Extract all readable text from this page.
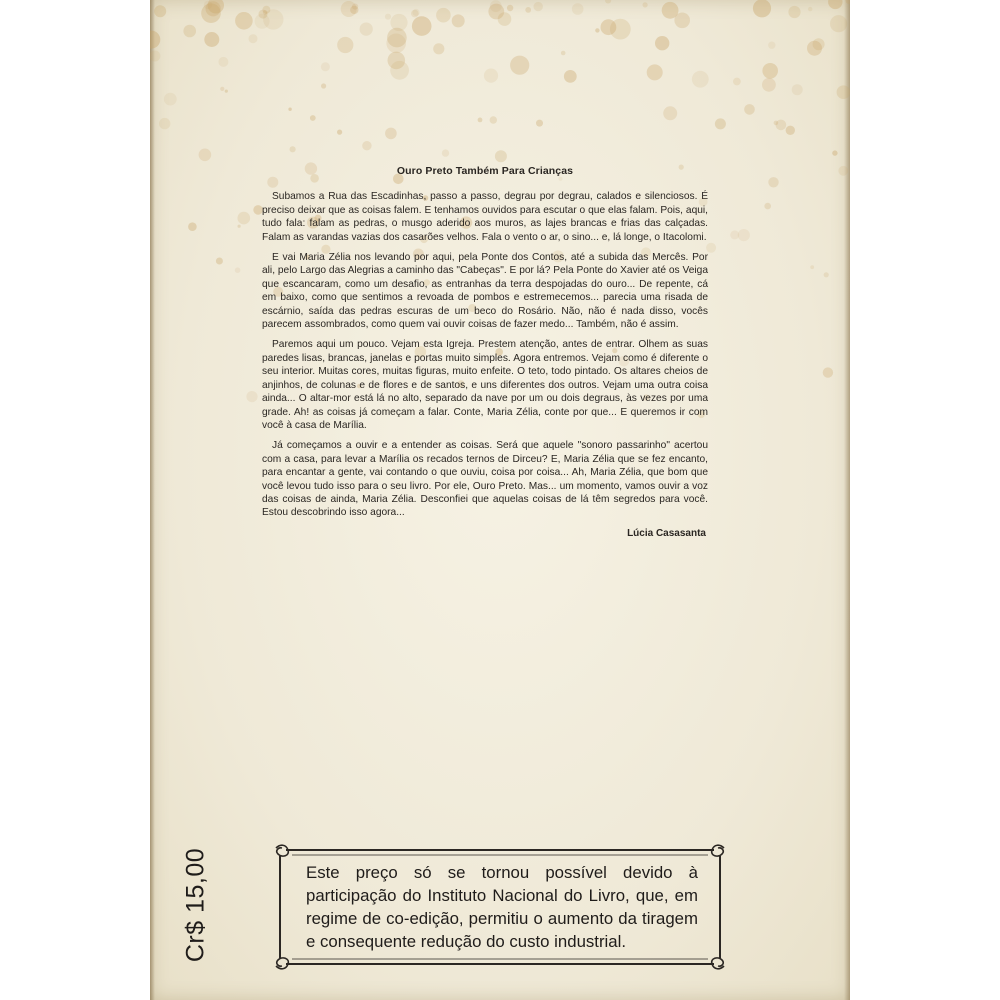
Ouro Preto Também Para Crianças

Subamos a Rua das Escadinhas, passo a passo, degrau por degrau, calados e silenciosos. É preciso deixar que as coisas falem. E tenhamos ouvidos para escutar o que elas falam. Pois, aqui, tudo fala: falam as pedras, o musgo aderido aos muros, as lajes brancas e frias das calçadas. Falam as varandas vazias dos casarões velhos. Fala o vento o ar, o sino... e, lá longe, o Itacolomi.

E vai Maria Zélia nos levando por aqui, pela Ponte dos Contos, até a subida das Mercês. Por ali, pelo Largo das Alegrias a caminho das "Cabeças". E por lá? Pela Ponte do Xavier até os Veiga que escancaram, como um desafio, as entranhas da terra despojadas do ouro... De repente, cá em baixo, como que sentimos a revoada de pombos e estremecemos... parecia uma risada de escárnio, saída das pedras escuras de um beco do Rosário. Não, não é nada disso, vocês parecem assombrados, como quem vai ouvir coisas de fazer medo... Também, não é assim.

Paremos aqui um pouco. Vejam esta Igreja. Prestem atenção, antes de entrar. Olhem as suas paredes lisas, brancas, janelas e portas muito simples. Agora entremos. Vejam como é diferente o seu interior. Muitas cores, muitas figuras, muito enfeite. O teto, todo pintado. Os altares cheios de anjinhos, de colunas e de flores e de santos, e uns diferentes dos outros. Vejam uma outra coisa ainda... O altar-mor está lá no alto, separado da nave por um ou dois degraus, às vezes por uma grade. Ah! as coisas já começam a falar. Conte, Maria Zélia, conte por que... E queremos ir com você à casa de Marília.

Já começamos a ouvir e a entender as coisas. Será que aquele "sonoro passarinho" acertou com a casa, para levar a Marília os recados ternos de Dirceu? E, Maria Zélia que se fez encanto, para encantar a gente, vai contando o que ouviu, coisa por coisa... Ah, Maria Zélia, que bom que você levou tudo isso para o seu livro. Por ele, Ouro Preto. Mas... um momento, vamos ouvir a voz das coisas de ainda, Maria Zélia. Desconfiei que aquelas coisas de lá têm segredos para você. Estou descobrindo isso agora...

Lúcia Casasanta
Cr$ 15,00	Este preço só se tornou possível devido à participação do Instituto Nacional do Livro, que, em regime de co-edição, permitiu o aumento da tiragem e consequente redução do custo industrial.
